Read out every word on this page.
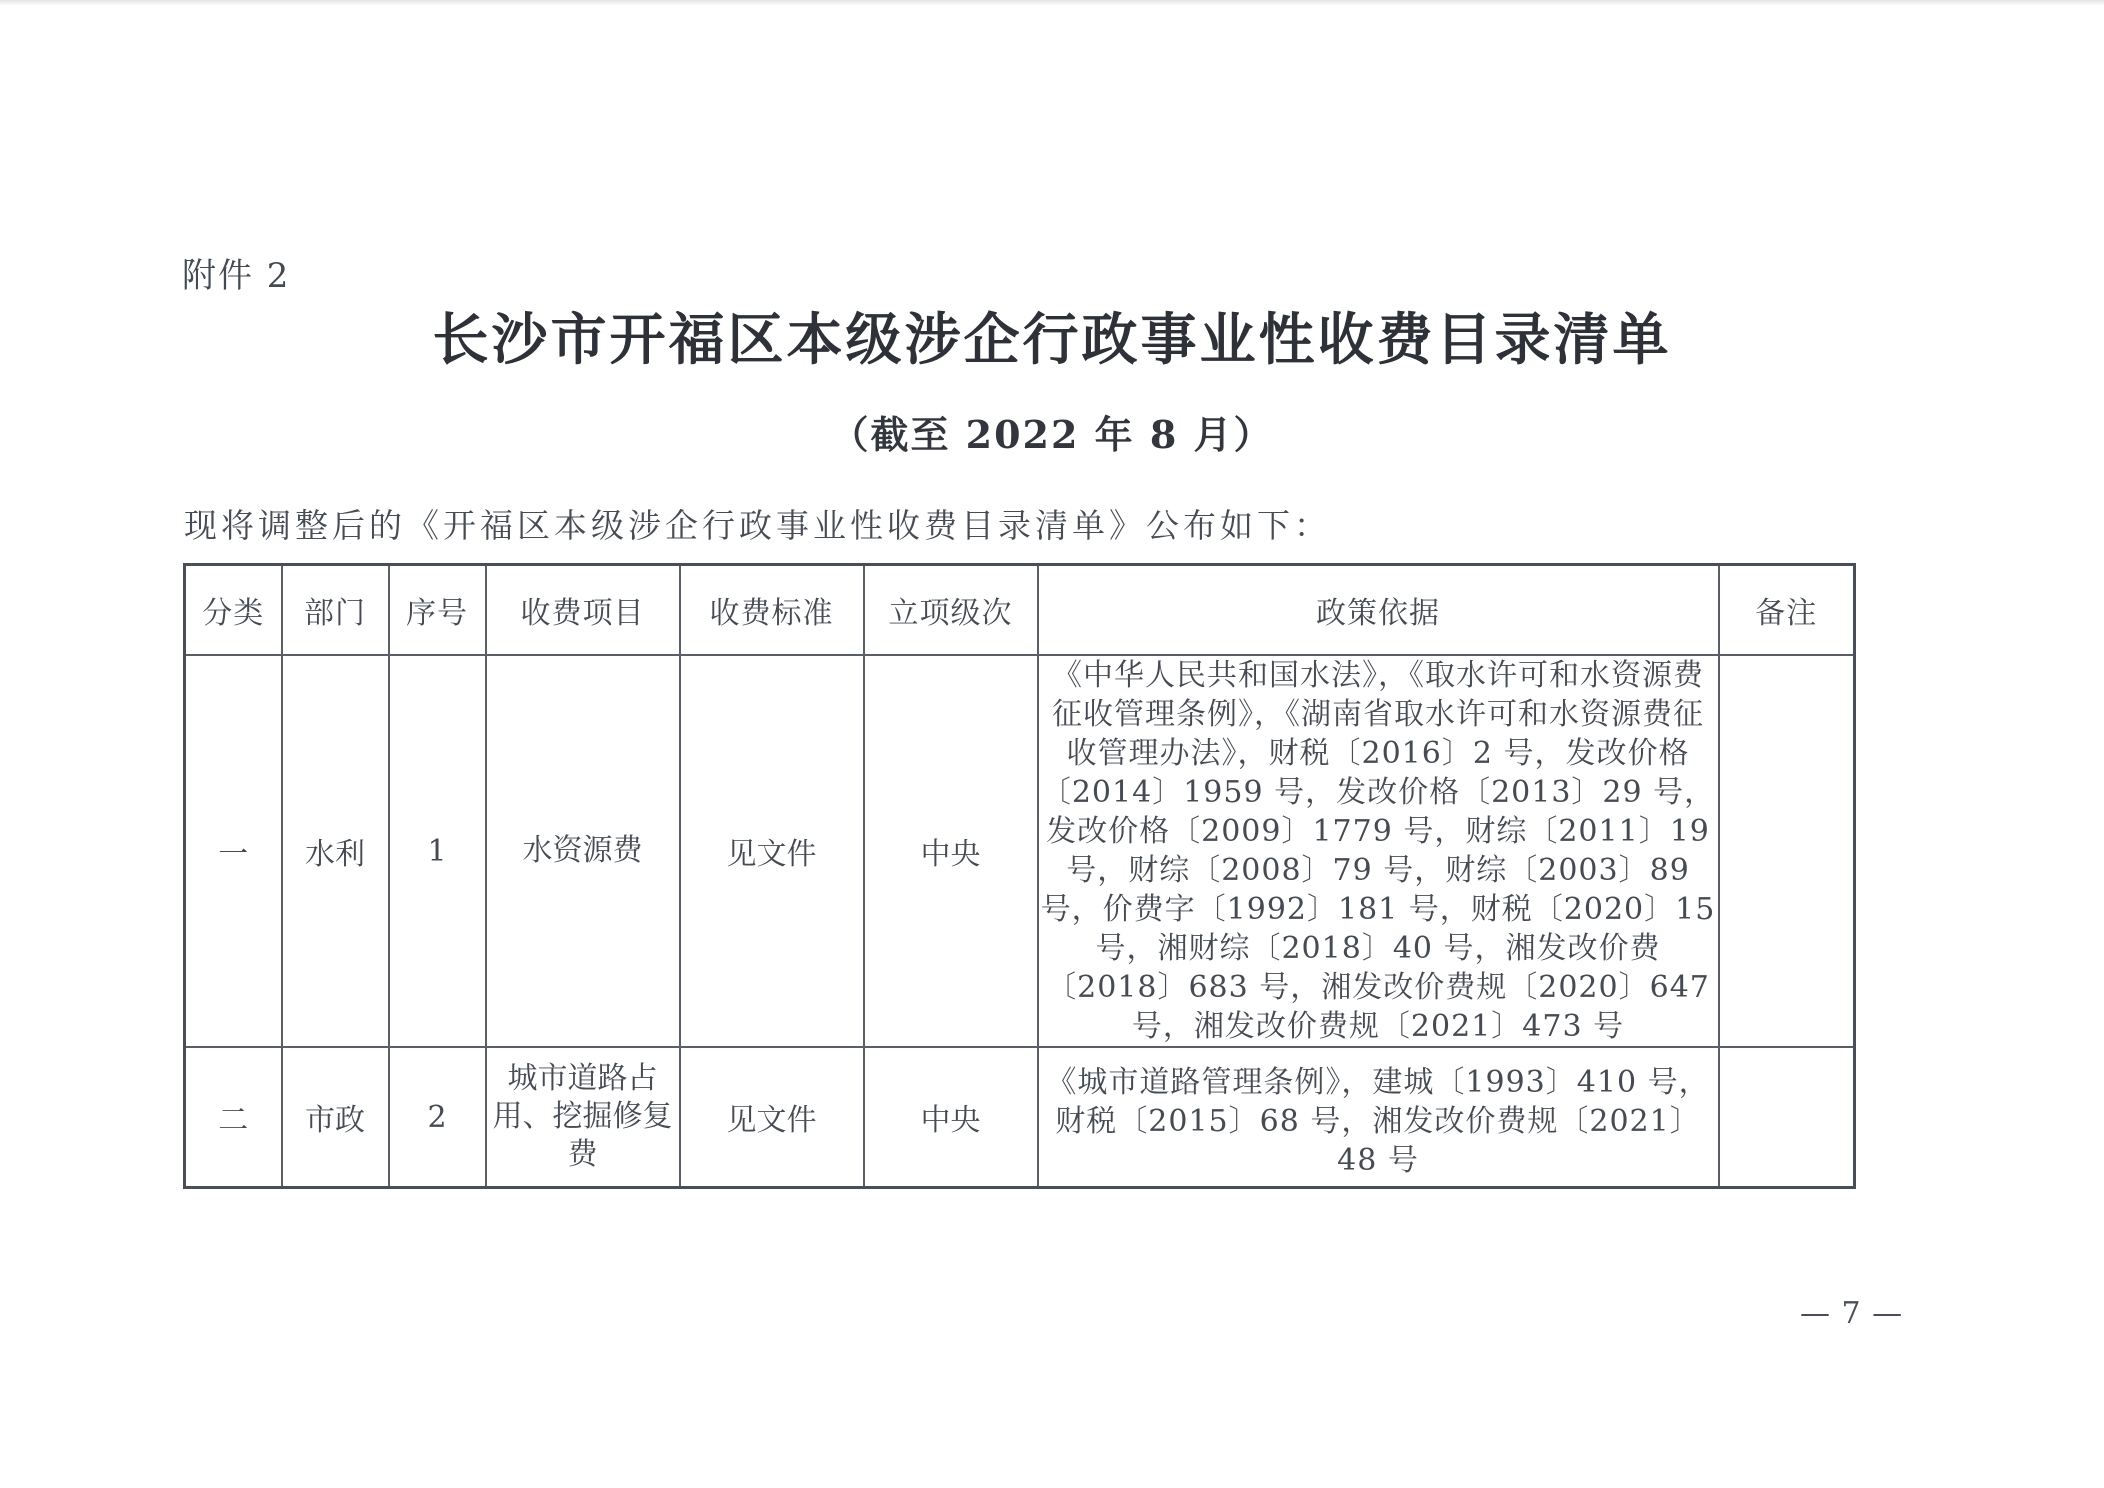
附件 2
长沙市开福区本级涉企行政事业性收费目录清单
（截至 2022 年 8 月）
现将调整后的《开福区本级涉企行政事业性收费目录清单》公布如下：
分类	部门	序号	收费项目	收费标准	立项级次	政策依据	备注
一	水利	1	水资源费	见文件	中央	《中华人民共和国水法》，《取水许可和水资源费征收管理条例》，《湖南省取水许可和水资源费征收管理办法》，财税〔2016〕2 号，发改价格〔2014〕1959 号，发改价格〔2013〕29 号，发改价格〔2009〕1779 号，财综〔2011〕19 号，财综〔2008〕79 号，财综〔2003〕89 号，价费字〔1992〕181 号，财税〔2020〕15 号，湘财综〔2018〕40 号，湘发改价费〔2018〕683 号，湘发改价费规〔2020〕647 号，湘发改价费规〔2021〕473 号	
二	市政	2	城市道路占用、挖掘修复费	见文件	中央	《城市道路管理条例》，建城〔1993〕410 号，财税〔2015〕68 号，湘发改价费规〔2021〕48 号	
— 7 —
